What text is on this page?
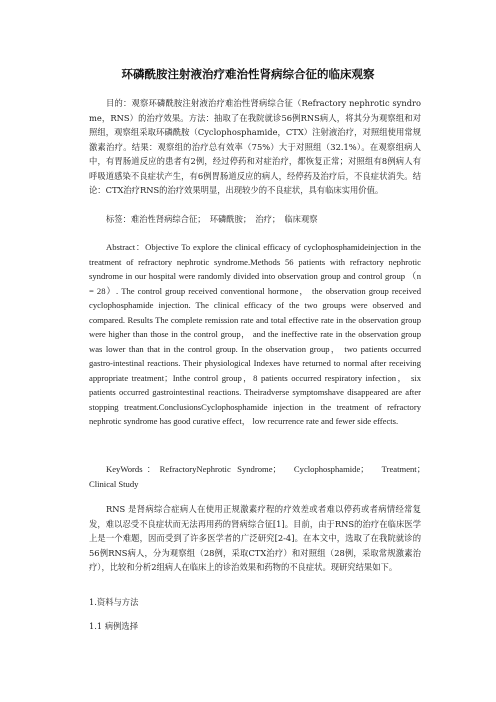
环磷酰胺注射液治疗难治性肾病综合征的临床观察

目的：观察环磷酰胺注射液治疗难治性肾病综合征（Refractory nephrotic syndrome，RNS）的治疗效果。方法：抽取了在我院就诊56例RNS病人，将其分为观察组和对照组，观察组采取环磷酰胺（Cyclophosphamide，CTX）注射液治疗，对照组使用常规激素治疗。结果：观察组的治疗总有效率（75%）大于对照组（32.1%）。在观察组病人中，有胃肠道反应的患者有2例，经过停药和对症治疗，都恢复正常；对照组有8例病人有呼吸道感染不良症状产生，有6例胃肠道反应的病人，经停药及治疗后，不良症状消失。结论：CTX治疗RNS的治疗效果明显，出现较少的不良症状，具有临床实用价值。

标签：难治性肾病综合征；　环磷酰胺；　治疗；　临床观察

Abstract：Objective To explore the clinical efficacy of cyclophosphamideinjection in the treatment of refractory nephrotic syndrome.Methods 56 patients with refractory nephrotic syndrome in our hospital were randomly divided into observation group and control group （n = 28）. The control group received conventional hormone， the observation group received cyclophosphamide injection. The clinical efficacy of the two groups were observed and compared. Results The complete remission rate and total effective rate in the observation group were higher than those in the control group， and the ineffective rate in the observation group was lower than that in the control group. In the observation group， two patients occurred gastro-intestinal reactions. Their physiological Indexes have returned to normal after receiving appropriate treatment；Inthe control group，8 patients occurred respiratory infection， six patients occurred gastrointestinal reactions. Theiradverse symptomshave disappeared are after stopping treatment.ConclusionsCyclophosphamide injection in the treatment of refractory nephrotic syndrome has good curative effect， low recurrence rate and fewer side effects.

KeyWords：RefractoryNephrotic Syndrome；　Cyclophosphamide；　Treatment；　Clinical Study

RNS 是肾病综合症病人在使用正规激素疗程的疗效差或者难以停药或者病情经常复发，难以忍受不良症状而无法再用药的肾病综合征[1]。目前，由于RNS的治疗在临床医学上是一个难题，因而受到了许多医学者的广泛研究[2-4]。在本文中，选取了在我院就诊的56例RNS病人，分为观察组（28例，采取CTX治疗）和对照组（28例，采取常规激素治疗），比较和分析2组病人在临床上的诊治效果和药物的不良症状。现研究结果如下。

1.资料与方法

1.1 病例选择
